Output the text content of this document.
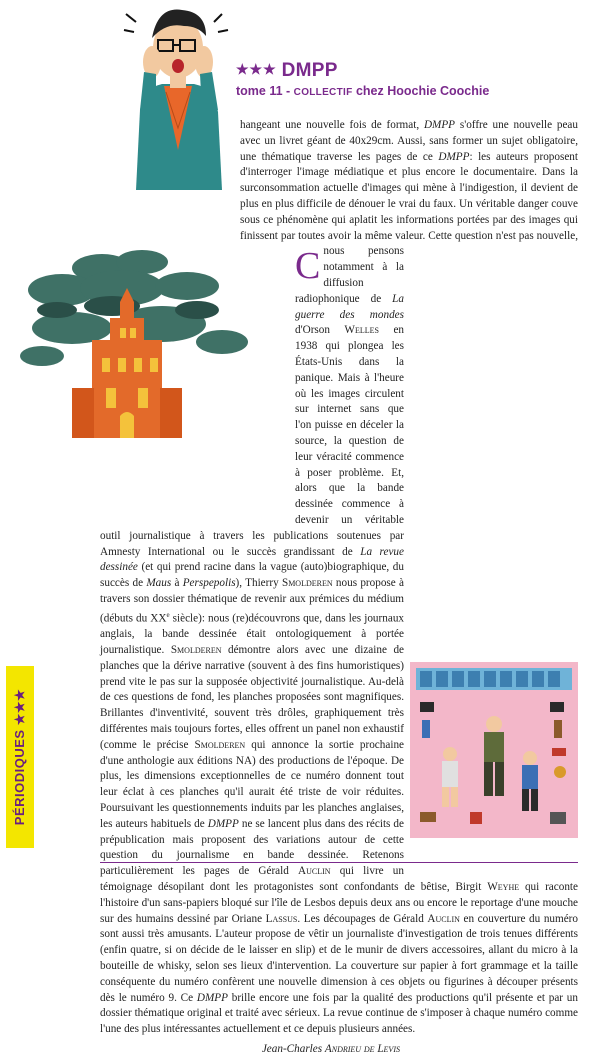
★★★ DMPP
tome 11 - COLLECTIF chez Hoochie Coochie

C
hangeant une nouvelle fois de format, DMPP s'offre une nouvelle peau avec un livret géant de 40x29cm. Aussi, sans former un sujet obligatoire, une thématique traverse les pages de ce DMPP: les auteurs proposent d'interroger l'image médiatique et plus encore le documentaire. Dans la surconsommation actuelle d'images qui mène à l'indigestion, il devient de plus en plus difficile de dénouer le vrai du faux. Un véritable danger couve sous ce phénomène qui aplatit les informations portées par des images qui finissent par toutes avoir la même valeur. Cette question n'est pas nouvelle, nous pensons notamment à la diffusion radiophonique de La guerre des mondes d'Orson Welles en 1938 qui plongea les États-Unis dans la panique. Mais à l'heure où les images circulent sur internet sans que l'on puisse en déceler la source, la question de leur véracité commence à poser problème. Et, alors que la bande dessinée commence à devenir un véritable outil journalistique à travers les publications soutenues par Amnesty International ou le succès grandissant de La revue dessinée (et qui prend racine dans la vague (auto)biographique, du succès de Maus à Perspepolis), Thierry Smolderen nous propose à travers son dossier thématique de revenir aux prémices du médium (débuts du XXe siècle): nous (re)découvrons que, dans les journaux anglais, la bande dessinée était ontologiquement à portée journalistique. Smolderen démontre alors avec une dizaine de planches que la dérive narrative (souvent à des fins humoristiques) prend vite le pas sur la supposée objectivité journalistique. Au-delà de ces questions de fond, les planches proposées sont magnifiques. Brillantes d'inventivité, souvent très drôles, graphiquement très différentes mais toujours fortes, elles offrent un panel non exhaustif (comme le précise Smolderen qui annonce la sortie prochaine d'une anthologie aux éditions NA) des productions de l'époque. De plus, les dimensions exceptionnelles de ce numéro donnent tout leur éclat à ces planches qu'il aurait été triste de voir réduites. Poursuivant les questionnements induits par les planches anglaises, les auteurs habituels de DMPP ne se lancent plus dans des récits de prépublication mais proposent des variations autour de cette question du journalisme en bande dessinée. Retenons particulièrement les pages de Gérald Auclin qui livre un témoignage désopilant dont les protagonistes sont confondants de bêtise, Birgit Weyhe qui raconte l'histoire d'un sans-papiers bloqué sur l'île de Lesbos depuis deux ans ou encore le reportage d'une mouche sur des humains dessiné par Oriane Lassus. Les découpages de Gérald Auclin en couverture du numéro sont aussi très amusants. L'auteur propose de vêtir un journaliste d'investigation de trois tenues différents (enfin quatre, si on décide de le laisser en slip) et de le munir de divers accessoires, allant du micro à la bouteille de whisky, selon ses lieux d'intervention. La couverture sur papier à fort grammage et la taille conséquente du numéro confèrent une nouvelle dimension à ces objets ou figurines à découper présents dès le numéro 9. Ce DMPP brille encore une fois par la qualité des productions qu'il présente et par un dossier thématique original et traité avec sérieux. La revue continue de s'imposer à chaque numéro comme l'une des plus intéressantes actuellement et ce depuis plusieurs années.

Jean-Charles Andrieu de Levis
PÉRIODIQUES ★★★
